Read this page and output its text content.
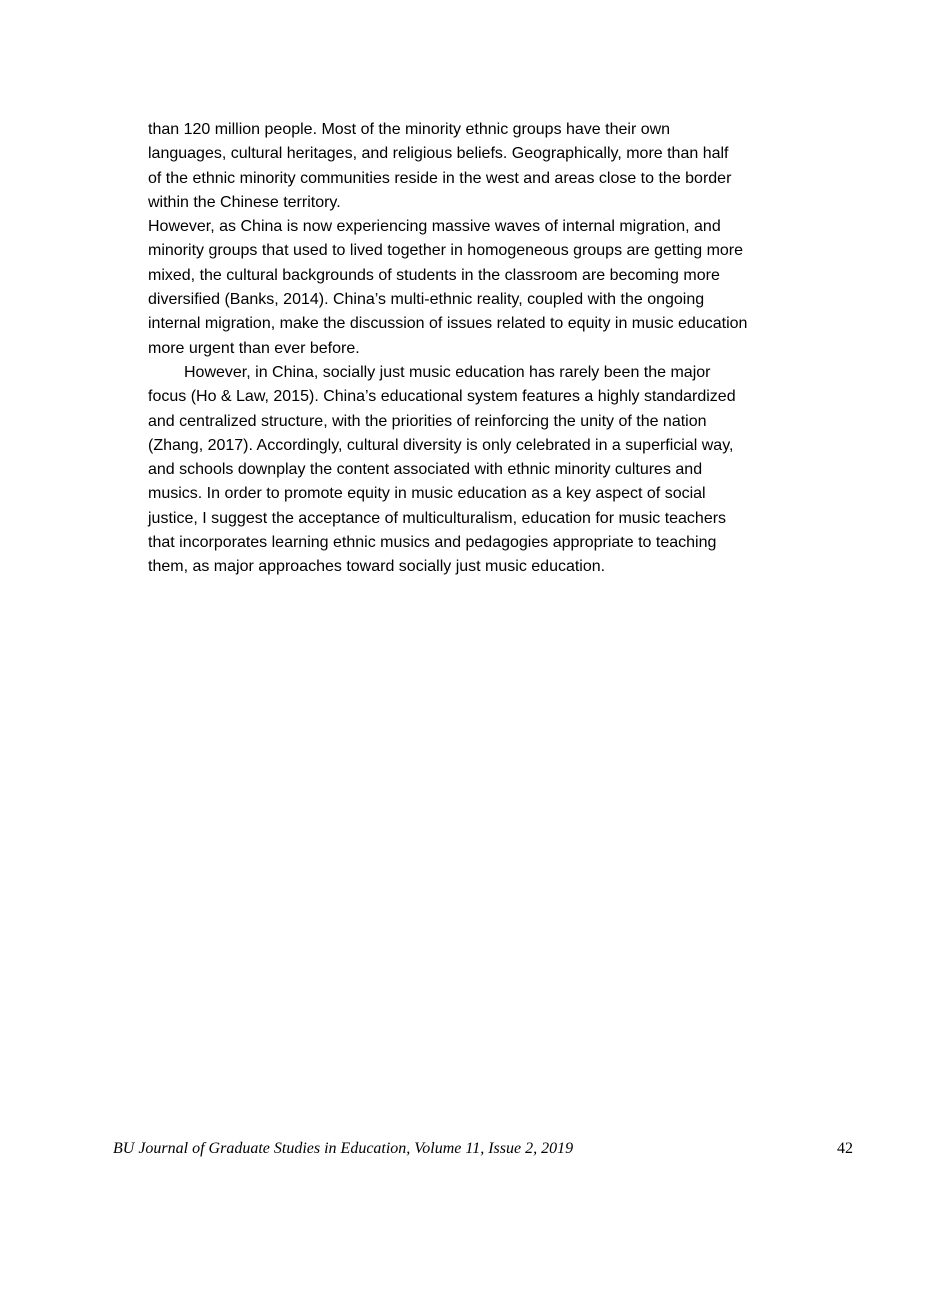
than 120 million people. Most of the minority ethnic groups have their own
languages, cultural heritages, and religious beliefs. Geographically, more than half
of the ethnic minority communities reside in the west and areas close to the border
within the Chinese territory.

However, as China is now experiencing massive waves of internal migration, and
minority groups that used to lived together in homogeneous groups are getting more
mixed, the cultural backgrounds of students in the classroom are becoming more
diversified (Banks, 2014). China’s multi-ethnic reality, coupled with the ongoing
internal migration, make the discussion of issues related to equity in music education
more urgent than ever before.

However, in China, socially just music education has rarely been the major
focus (Ho & Law, 2015). China’s educational system features a highly standardized
and centralized structure, with the priorities of reinforcing the unity of the nation
(Zhang, 2017). Accordingly, cultural diversity is only celebrated in a superficial way,
and schools downplay the content associated with ethnic minority cultures and
musics. In order to promote equity in music education as a key aspect of social
justice, I suggest the acceptance of multiculturalism, education for music teachers
that incorporates learning ethnic musics and pedagogies appropriate to teaching
them, as major approaches toward socially just music education.

BU Journal of Graduate Studies in Education, Volume 11, Issue 2, 2019	42
